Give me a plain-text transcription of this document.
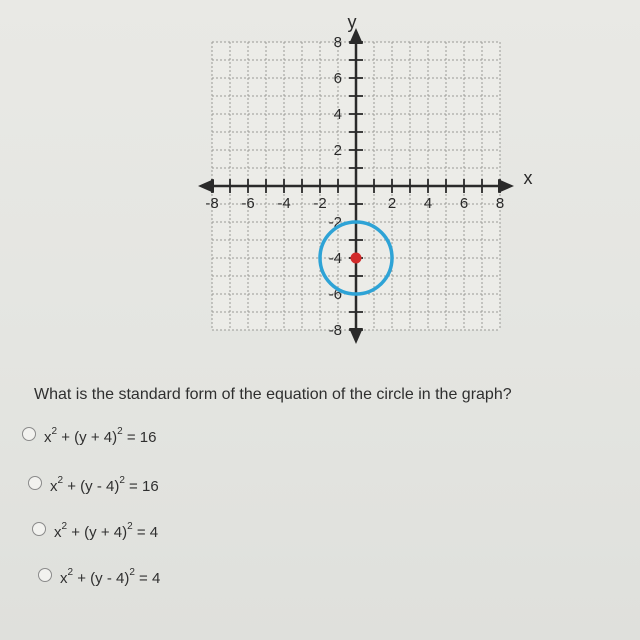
-8 -6 -4 -2	2 4 6 8
8
6
4
2
-2
-4
-6
-8
x
y
What is the standard form of the equation of the circle in the graph?
$x^2 + (y + 4)^2 = 16$
$x^2 + (y - 4)^2 = 16$
$x^2 + (y + 4)^2 = 4$
$x^2 + (y - 4)^2 = 4$
